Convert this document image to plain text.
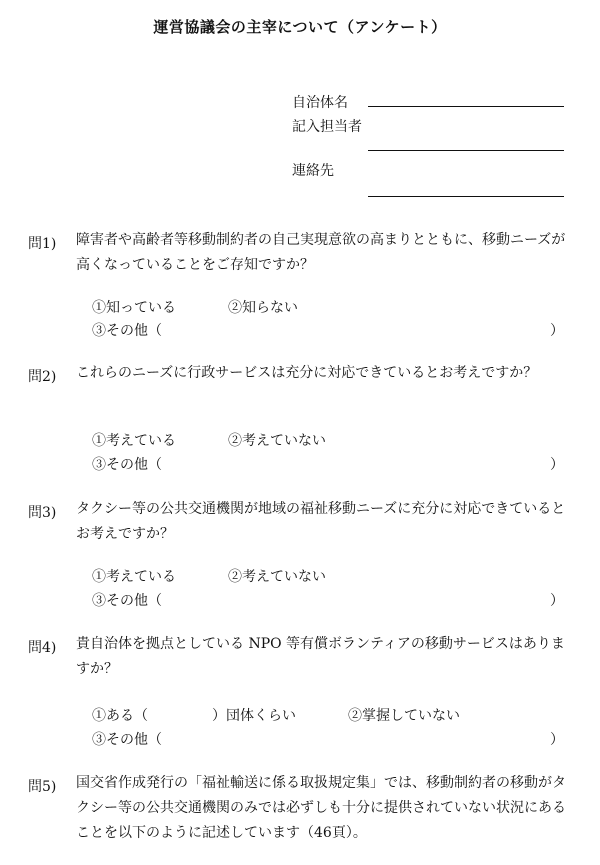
運営協議会の主宰について（アンケート）
自治体名
記入担当者
連絡先
問1) 障害者や高齢者等移動制約者の自己実現意欲の高まりとともに、移動ニーズが高くなっていることをご存知ですか？
①知っている	②知らない
③その他（	）
問2) これらのニーズに行政サービスは充分に対応できているとお考えですか？
①考えている	②考えていない
③その他（	）
問3) タクシー等の公共交通機関が地域の福祉移動ニーズに充分に対応できているとお考えですか？
①考えている	②考えていない
③その他（	）
問4) 貴自治体を拠点としている NPO 等有償ボランティアの移動サービスはありますか？
①ある（	）団体くらい	②掌握していない
③その他（	）
問5) 国交省作成発行の「福祉輸送に係る取扱規定集」では、移動制約者の移動がタクシー等の公共交通機関のみでは必ずしも十分に提供されていない状況にあることを以下のように記述しています（46頁）。
